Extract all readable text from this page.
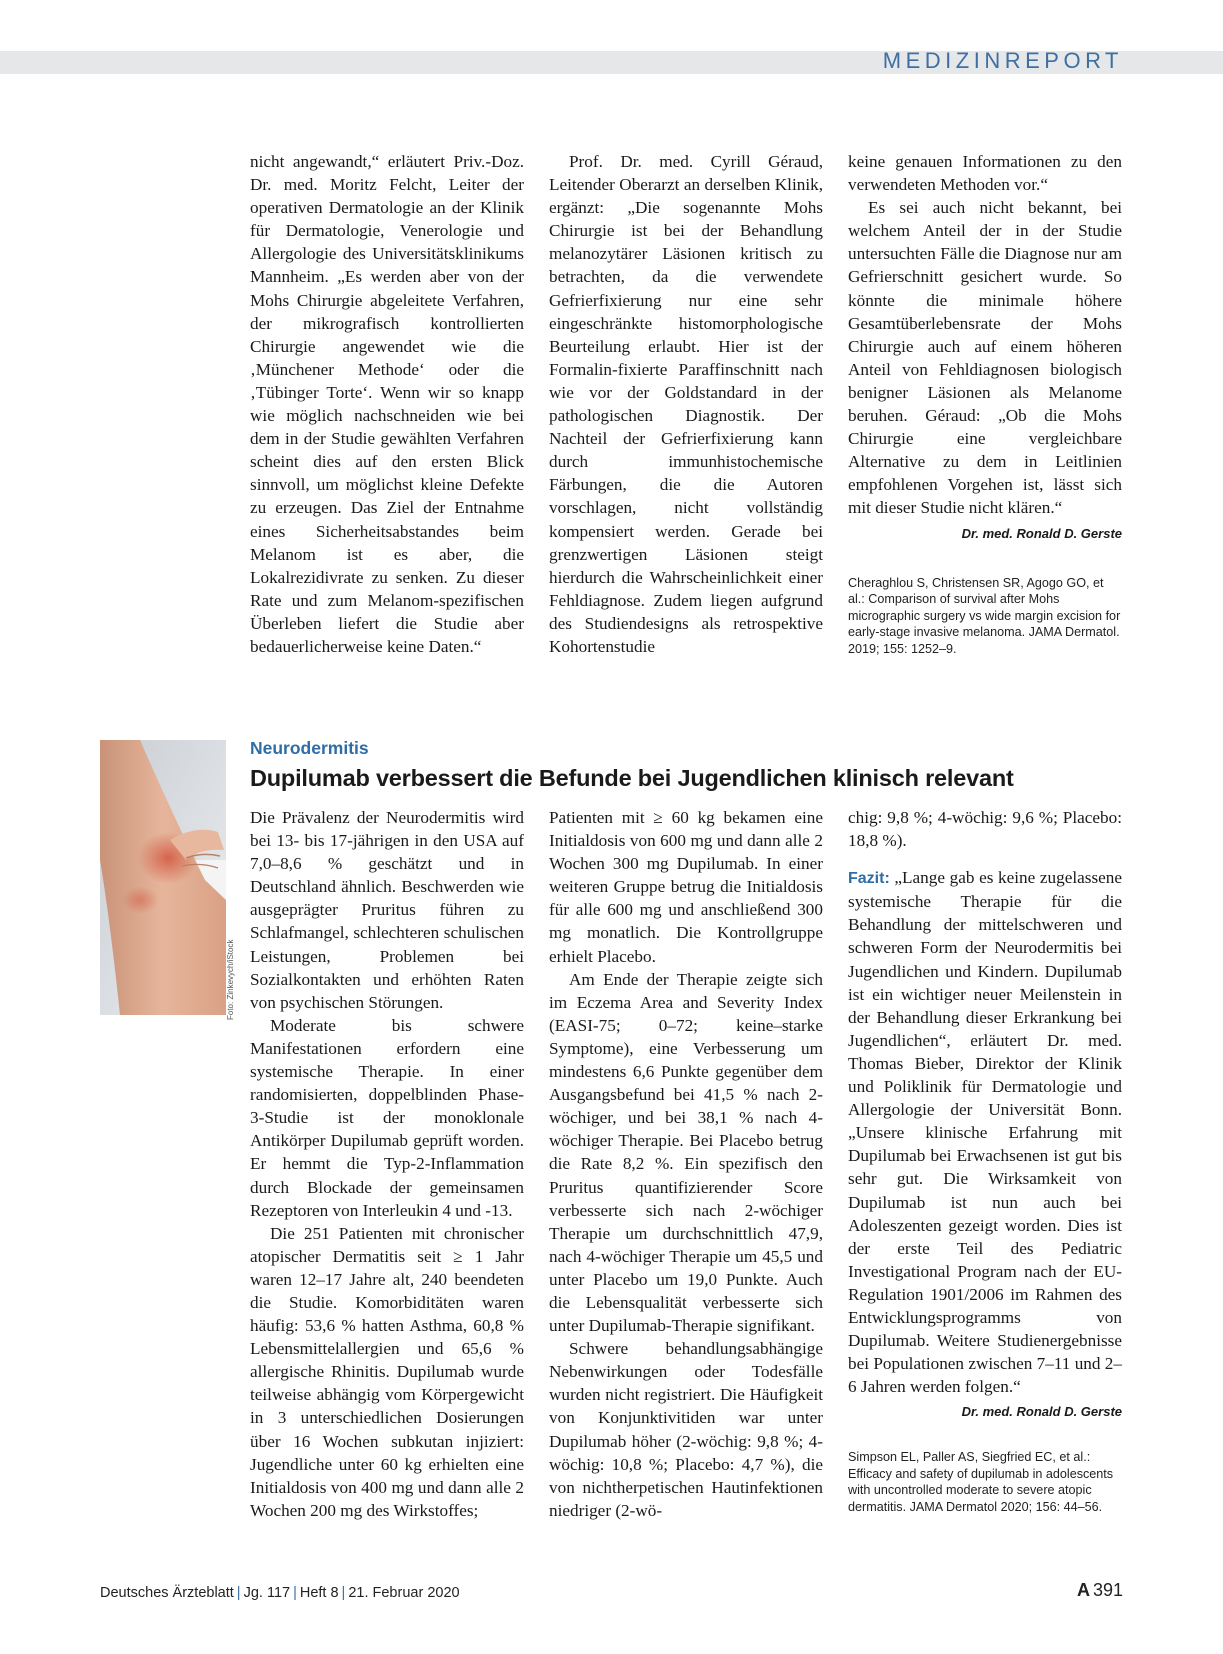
MEDIZINREPORT

nicht angewandt,“ erläutert Priv.-Doz. Dr. med. Moritz Felcht, Leiter der operativen Dermatologie an der Klinik für Dermatologie, Venerologie und Allergologie des Universitätsklinikums Mannheim. „Es werden aber von der Mohs Chirurgie abgeleitete Verfahren, der mikrografisch kontrollierten Chirurgie angewendet wie die ‚Münchener Methode‘ oder die ‚Tübinger Torte‘. Wenn wir so knapp wie möglich nachschneiden wie bei dem in der Studie gewählten Verfahren scheint dies auf den ersten Blick sinnvoll, um möglichst kleine Defekte zu erzeugen. Das Ziel der Entnahme eines Sicherheitsabstandes beim Melanom ist es aber, die Lokalrezidivrate zu senken. Zu dieser Rate und zum Melanom-spezifischen Überleben liefert die Studie aber bedauerlicherweise keine Daten.“

Prof. Dr. med. Cyrill Géraud, Leitender Oberarzt an derselben Klinik, ergänzt: „Die sogenannte Mohs Chirurgie ist bei der Behandlung melanozytärer Läsionen kritisch zu betrachten, da die verwendete Gefrierfixierung nur eine sehr eingeschränkte histomorphologische Beurteilung erlaubt. Hier ist der Formalin-fixierte Paraffinschnitt nach wie vor der Goldstandard in der pathologischen Diagnostik. Der Nachteil der Gefrierfixierung kann durch immunhistochemische Färbungen, die die Autoren vorschlagen, nicht vollständig kompensiert werden. Gerade bei grenzwertigen Läsionen steigt hierdurch die Wahrscheinlichkeit einer Fehldiagnose. Zudem liegen aufgrund des Studiendesigns als retrospektive Kohortenstudie

keine genauen Informationen zu den verwendeten Methoden vor.“

Es sei auch nicht bekannt, bei welchem Anteil der in der Studie untersuchten Fälle die Diagnose nur am Gefrierschnitt gesichert wurde. So könnte die minimale höhere Gesamtüberlebensrate der Mohs Chirurgie auch auf einem höheren Anteil von Fehldiagnosen biologisch benigner Läsionen als Melanome beruhen. Géraud: „Ob die Mohs Chirurgie eine vergleichbare Alternative zu dem in Leitlinien empfohlenen Vorgehen ist, lässt sich mit dieser Studie nicht klären.“

Dr. med. Ronald D. Gerste
Cheraghlou S, Christensen SR, Agogo GO, et al.: Comparison of survival after Mohs micrographic surgery vs wide margin excision for early-stage invasive melanoma. JAMA Dermatol. 2019; 155: 1252–9.
Foto: Zinkevych/iStock
Neurodermitis
Dupilumab verbessert die Befunde bei Jugendlichen klinisch relevant

Die Prävalenz der Neurodermitis wird bei 13- bis 17-jährigen in den USA auf 7,0–8,6 % geschätzt und in Deutschland ähnlich. Beschwerden wie ausgeprägter Pruritus führen zu Schlafmangel, schlechteren schulischen Leistungen, Problemen bei Sozialkontakten und erhöhten Raten von psychischen Störungen.

Moderate bis schwere Manifestationen erfordern eine systemische Therapie. In einer randomisierten, doppelblinden Phase-3-Studie ist der monoklonale Antikörper Dupilumab geprüft worden. Er hemmt die Typ-2-Inflammation durch Blockade der gemeinsamen Rezeptoren von Interleukin 4 und -13.

Die 251 Patienten mit chronischer atopischer Dermatitis seit ≥ 1 Jahr waren 12–17 Jahre alt, 240 beendeten die Studie. Komorbiditäten waren häufig: 53,6 % hatten Asthma, 60,8 % Lebensmittelallergien und 65,6 % allergische Rhinitis. Dupilumab wurde teilweise abhängig vom Körpergewicht in 3 unterschiedlichen Dosierungen über 16 Wochen subkutan injiziert: Jugendliche unter 60 kg erhielten eine Initialdosis von 400 mg und dann alle 2 Wochen 200 mg des Wirkstoffes;

Patienten mit ≥ 60 kg bekamen eine Initialdosis von 600 mg und dann alle 2 Wochen 300 mg Dupilumab. In einer weiteren Gruppe betrug die Initialdosis für alle 600 mg und anschließend 300 mg monatlich. Die Kontrollgruppe erhielt Placebo.

Am Ende der Therapie zeigte sich im Eczema Area and Severity Index (EASI-75; 0–72; keine–starke Symptome), eine Verbesserung um mindestens 6,6 Punkte gegenüber dem Ausgangsbefund bei 41,5 % nach 2-wöchiger, und bei 38,1 % nach 4-wöchiger Therapie. Bei Placebo betrug die Rate 8,2 %. Ein spezifisch den Pruritus quantifizierender Score verbesserte sich nach 2-wöchiger Therapie um durchschnittlich 47,9, nach 4-wöchiger Therapie um 45,5 und unter Placebo um 19,0 Punkte. Auch die Lebensqualität verbesserte sich unter Dupilumab-Therapie signifikant.

Schwere behandlungsabhängige Nebenwirkungen oder Todesfälle wurden nicht registriert. Die Häufigkeit von Konjunktivitiden war unter Dupilumab höher (2-wöchig: 9,8 %; 4-wöchig: 10,8 %; Placebo: 4,7 %), die von nichtherpetischen Hautinfektionen niedriger (2-wö-

chig: 9,8 %; 4-wöchig: 9,6 %; Placebo: 18,8 %).

Fazit: „Lange gab es keine zugelassene systemische Therapie für die Behandlung der mittelschweren und schweren Form der Neurodermitis bei Jugendlichen und Kindern. Dupilumab ist ein wichtiger neuer Meilenstein in der Behandlung dieser Erkrankung bei Jugendlichen“, erläutert Dr. med. Thomas Bieber, Direktor der Klinik und Poliklinik für Dermatologie und Allergologie der Universität Bonn. „Unsere klinische Erfahrung mit Dupilumab bei Erwachsenen ist gut bis sehr gut. Die Wirksamkeit von Dupilumab ist nun auch bei Adoleszenten gezeigt worden. Dies ist der erste Teil des Pediatric Investigational Program nach der EU-Regulation 1901/2006 im Rahmen des Entwicklungsprogramms von Dupilumab. Weitere Studienergebnisse bei Populationen zwischen 7–11 und 2–6 Jahren werden folgen.“

Dr. med. Ronald D. Gerste
Simpson EL, Paller AS, Siegfried EC, et al.: Efficacy and safety of dupilumab in adolescents with uncontrolled moderate to severe atopic dermatitis. JAMA Dermatol 2020; 156: 44–56.
Deutsches Ärzteblatt | Jg. 117 | Heft 8 | 21. Februar 2020	A 391
